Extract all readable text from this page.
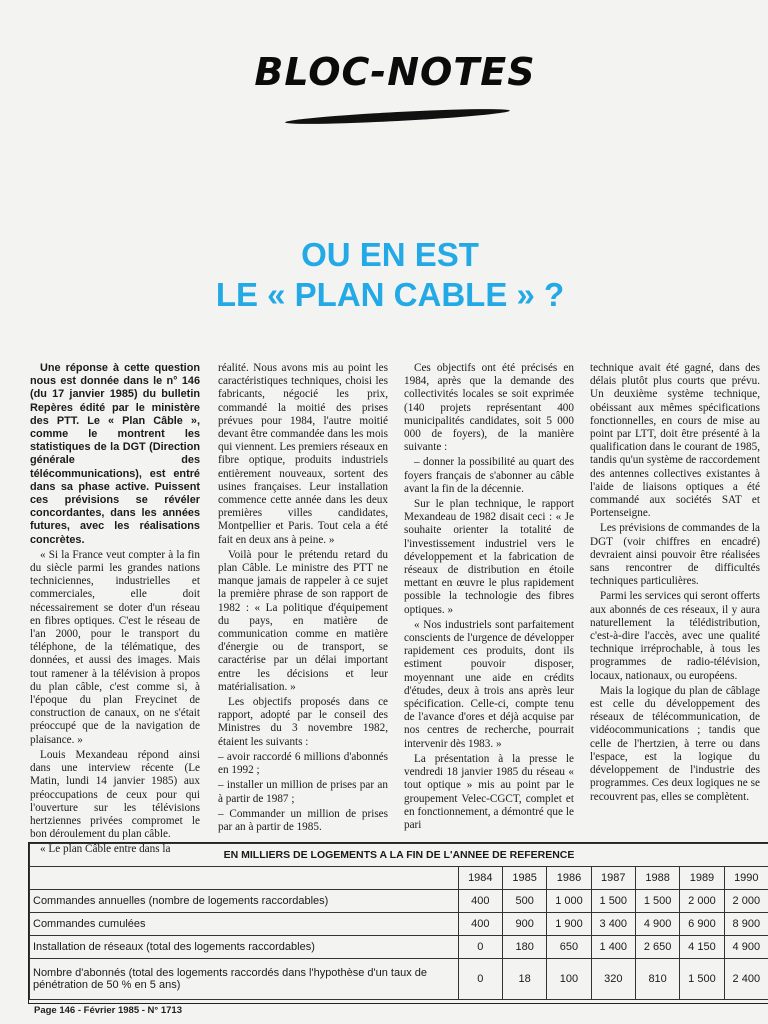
BLOC-NOTES
OU EN EST
LE « PLAN CABLE » ?

Une réponse à cette question nous est donnée dans le n° 146 (du 17 janvier 1985) du bulletin Repères édité par le ministère des PTT. Le « Plan Câble », comme le montrent les statistiques de la DGT (Direction générale des télécommunications), est entré dans sa phase active. Puissent ces prévisions se révéler concordantes, dans les années futures, avec les réalisations concrètes.

« Si la France veut compter à la fin du siècle parmi les grandes nations techniciennes, industrielles et commerciales, elle doit nécessairement se doter d'un réseau en fibres optiques. C'est le réseau de l'an 2000, pour le transport du téléphone, de la télématique, des données, et aussi des images. Mais tout ramener à la télévision à propos du plan câble, c'est comme si, à l'époque du plan Freycinet de construction de canaux, on ne s'était préoccupé que de la navigation de plaisance. »

Louis Mexandeau répond ainsi dans une interview récente (Le Matin, lundi 14 janvier 1985) aux préoccupations de ceux pour qui l'ouverture sur les télévisions hertziennes privées compromet le bon déroulement du plan câble.

« Le plan Câble entre dans la

réalité. Nous avons mis au point les caractéristiques techniques, choisi les fabricants, négocié les prix, commandé la moitié des prises prévues pour 1984, l'autre moitié devant être commandée dans les mois qui viennent. Les premiers réseaux en fibre optique, produits industriels entièrement nouveaux, sortent des usines françaises. Leur installation commence cette année dans les deux premières villes candidates, Montpellier et Paris. Tout cela a été fait en deux ans à peine. »

Voilà pour le prétendu retard du plan Câble. Le ministre des PTT ne manque jamais de rappeler à ce sujet la première phrase de son rapport de 1982 : « La politique d'équipement du pays, en matière de communication comme en matière d'énergie ou de transport, se caractérise par un délai important entre les décisions et leur matérialisation. »

Les objectifs proposés dans ce rapport, adopté par le conseil des Ministres du 3 novembre 1982, étaient les suivants :

– avoir raccordé 6 millions d'abonnés en 1992 ;

– installer un million de prises par an à partir de 1987 ;

– Commander un million de prises par an à partir de 1985.

Ces objectifs ont été précisés en 1984, après que la demande des collectivités locales se soit exprimée (140 projets représentant 400 municipalités candidates, soit 5 000 000 de foyers), de la manière suivante :

– donner la possibilité au quart des foyers français de s'abonner au câble avant la fin de la décennie.

Sur le plan technique, le rapport Mexandeau de 1982 disait ceci : « Je souhaite orienter la totalité de l'investissement industriel vers le développement et la fabrication de réseaux de distribution en étoile mettant en œuvre le plus rapidement possible la technologie des fibres optiques. »

« Nos industriels sont parfaitement conscients de l'urgence de développer rapidement ces produits, dont ils estiment pouvoir disposer, moyennant une aide en crédits d'études, deux à trois ans après leur spécification. Celle-ci, compte tenu de l'avance d'ores et déjà acquise par nos centres de recherche, pourrait intervenir dès 1983. »

La présentation à la presse le vendredi 18 janvier 1985 du réseau « tout optique » mis au point par le groupement Velec-CGCT, complet et en fonctionnement, a démontré que le pari

technique avait été gagné, dans des délais plutôt plus courts que prévu. Un deuxième système technique, obéissant aux mêmes spécifications fonctionnelles, en cours de mise au point par LTT, doit être présenté à la qualification dans le courant de 1985, tandis qu'un système de raccordement des antennes collectives existantes à l'aide de liaisons optiques a été commandé aux sociétés SAT et Portenseigne.

Les prévisions de commandes de la DGT (voir chiffres en encadré) devraient ainsi pouvoir être réalisées sans rencontrer de difficultés techniques particulières.

Parmi les services qui seront offerts aux abonnés de ces réseaux, il y aura naturellement la télédistribution, c'est-à-dire l'accès, avec une qualité technique irréprochable, à tous les programmes de radio-télévision, locaux, nationaux, ou européens.

Mais la logique du plan de câblage est celle du développement des réseaux de télécommunication, de vidéocommunications ; tandis que celle de l'hertzien, à terre ou dans l'espace, est la logique du développement de l'industrie des programmes. Ces deux logiques ne se recouvrent pas, elles se complètent.

EN MILLIERS DE LOGEMENTS A LA FIN DE L'ANNEE DE REFERENCE							
	1984	1985	1986	1987	1988	1989	1990
Commandes annuelles (nombre de logements raccordables)	400	500	1 000	1 500	1 500	2 000	2 000
Commandes cumulées	400	900	1 900	3 400	4 900	6 900	8 900
Installation de réseaux (total des logements raccordables)	0	180	650	1 400	2 650	4 150	4 900
Nombre d'abonnés (total des logements raccordés dans l'hypothèse d'un taux de pénétration de 50 % en 5 ans)	0	18	100	320	810	1 500	2 400
Page 146 - Février 1985 - N° 1713
